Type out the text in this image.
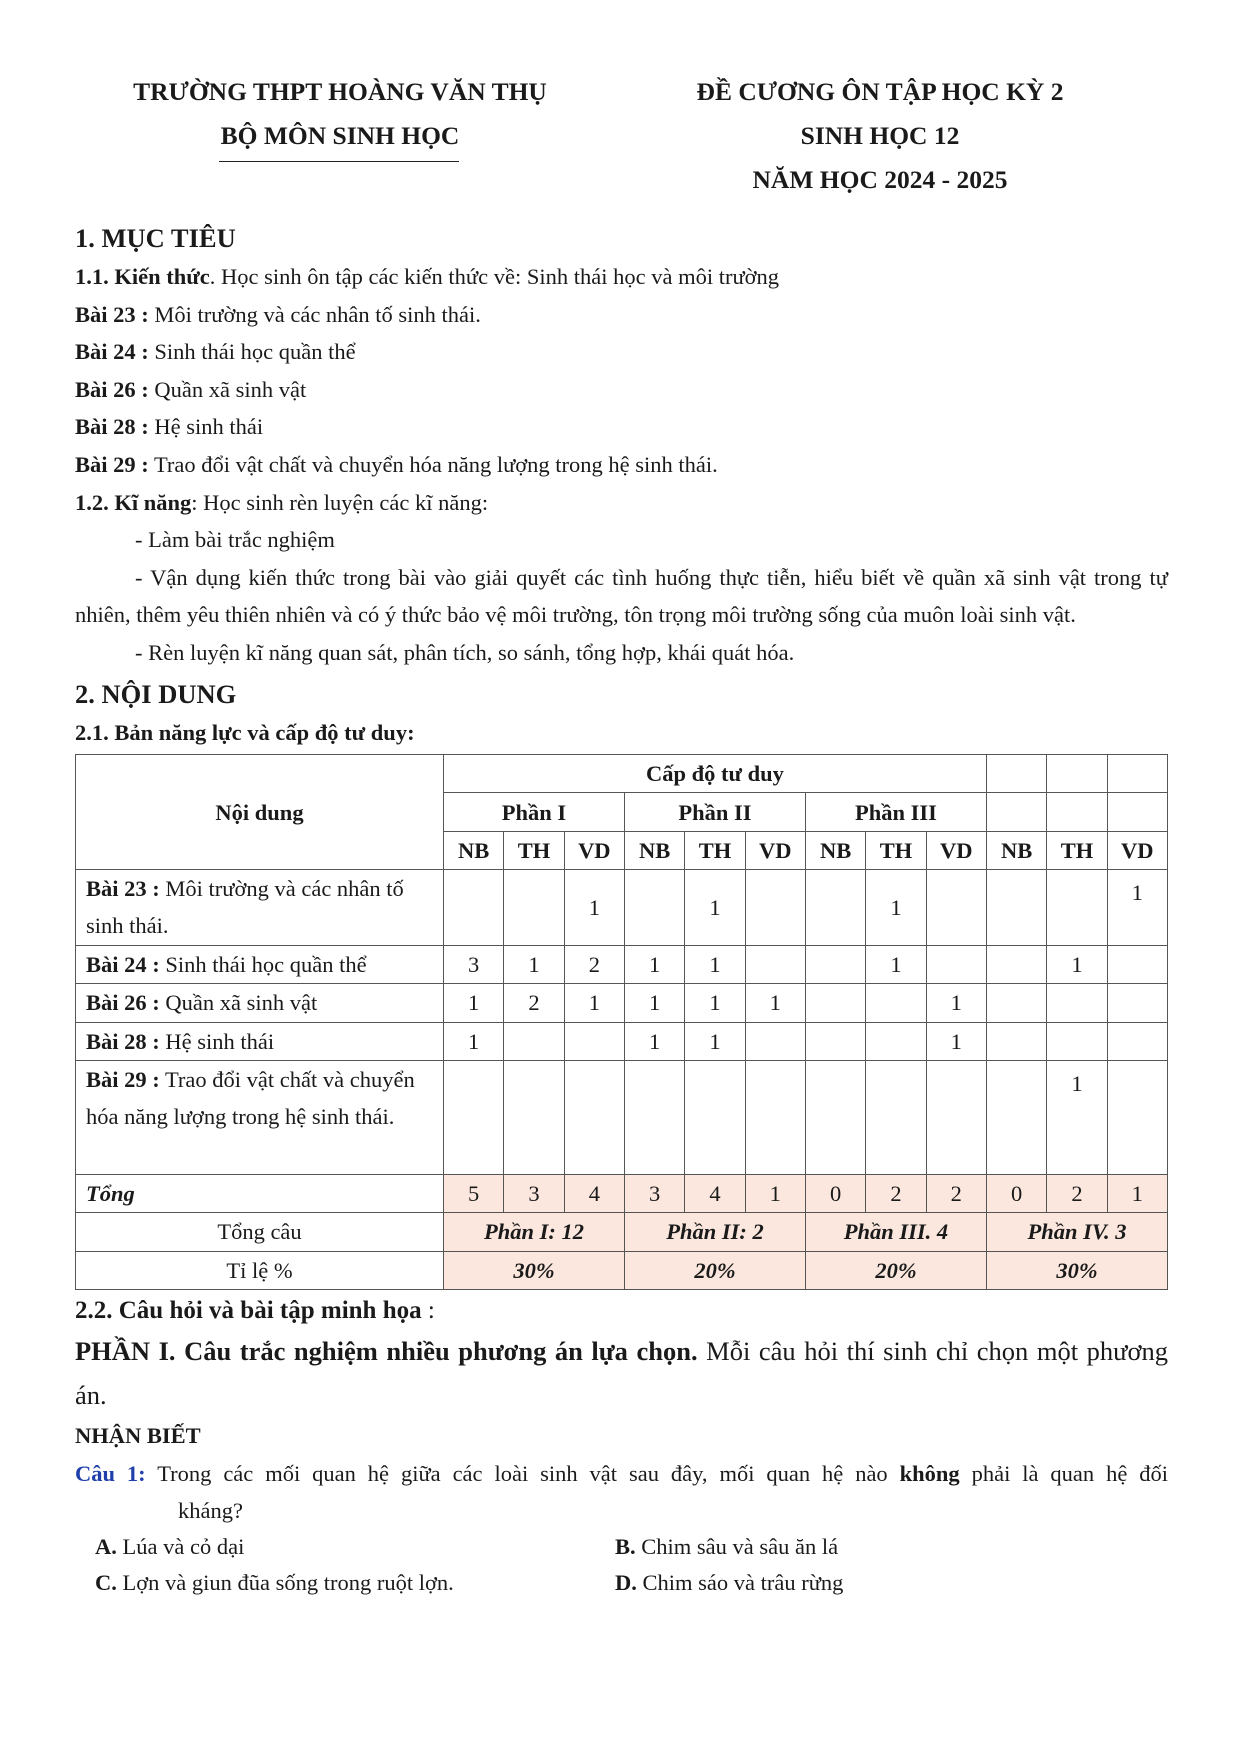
TRƯỜNG THPT HOÀNG VĂN THỤ
BỘ MÔN SINH HỌC
ĐỀ CƯƠNG ÔN TẬP HỌC KỲ 2
SINH HỌC 12
NĂM HỌC 2024 - 2025
1. MỤC TIÊU
1.1. Kiến thức. Học sinh ôn tập các kiến thức về: Sinh thái học và môi trường
Bài 23 : Môi trường và các nhân tố sinh thái.
Bài 24 : Sinh thái học quần thể
Bài 26 : Quần xã sinh vật
Bài 28 : Hệ sinh thái
Bài 29 : Trao đổi vật chất và chuyển hóa năng lượng trong hệ sinh thái.
1.2. Kĩ năng: Học sinh rèn luyện các kĩ năng:
- Làm bài trắc nghiệm
- Vận dụng kiến thức trong bài vào giải quyết các tình huống thực tiễn, hiểu biết về quần xã sinh vật trong tự nhiên, thêm yêu thiên nhiên và có ý thức bảo vệ môi trường, tôn trọng môi trường sống của muôn loài sinh vật.
- Rèn luyện kĩ năng quan sát, phân tích, so sánh, tổng hợp, khái quát hóa.
2. NỘI DUNG
2.1. Bản năng lực và cấp độ tư duy:
Nội dung	Cấp độ tư duy											
	Phần I			Phần II			Phần III					
	NB	TH	VD	NB	TH	VD	NB	TH	VD	NB	TH	VD
Bài 23 : Môi trường và các nhân tố sinh thái.			1		1			1				1
Bài 24 : Sinh thái học quần thể	3	1	2	1	1			1			1	
Bài 26 : Quần xã sinh vật	1	2	1	1	1	1			1			
Bài 28 : Hệ sinh thái	1			1	1				1			
Bài 29 : Trao đổi vật chất và chuyển hóa năng lượng trong hệ sinh thái.											1	
Tổng	5	3	4	3	4	1	0	2	2	0	2	1
Tổng câu	Phần I: 12			Phần II: 2			Phần III. 4			Phần IV. 3		
Tỉ lệ %	30%			20%			20%			30%		
2.2. Câu hỏi và bài tập minh họa :
PHẦN I. Câu trắc nghiệm nhiều phương án lựa chọn. Mỗi câu hỏi thí sinh chỉ chọn một phương án.
NHẬN BIẾT
Câu 1: Trong các mối quan hệ giữa các loài sinh vật sau đây, mối quan hệ nào không phải là quan hệ đối
kháng?
A. Lúa và cỏ dại	B. Chim sâu và sâu ăn lá
C. Lợn và giun đũa sống trong ruột lợn.	D. Chim sáo và trâu rừng
